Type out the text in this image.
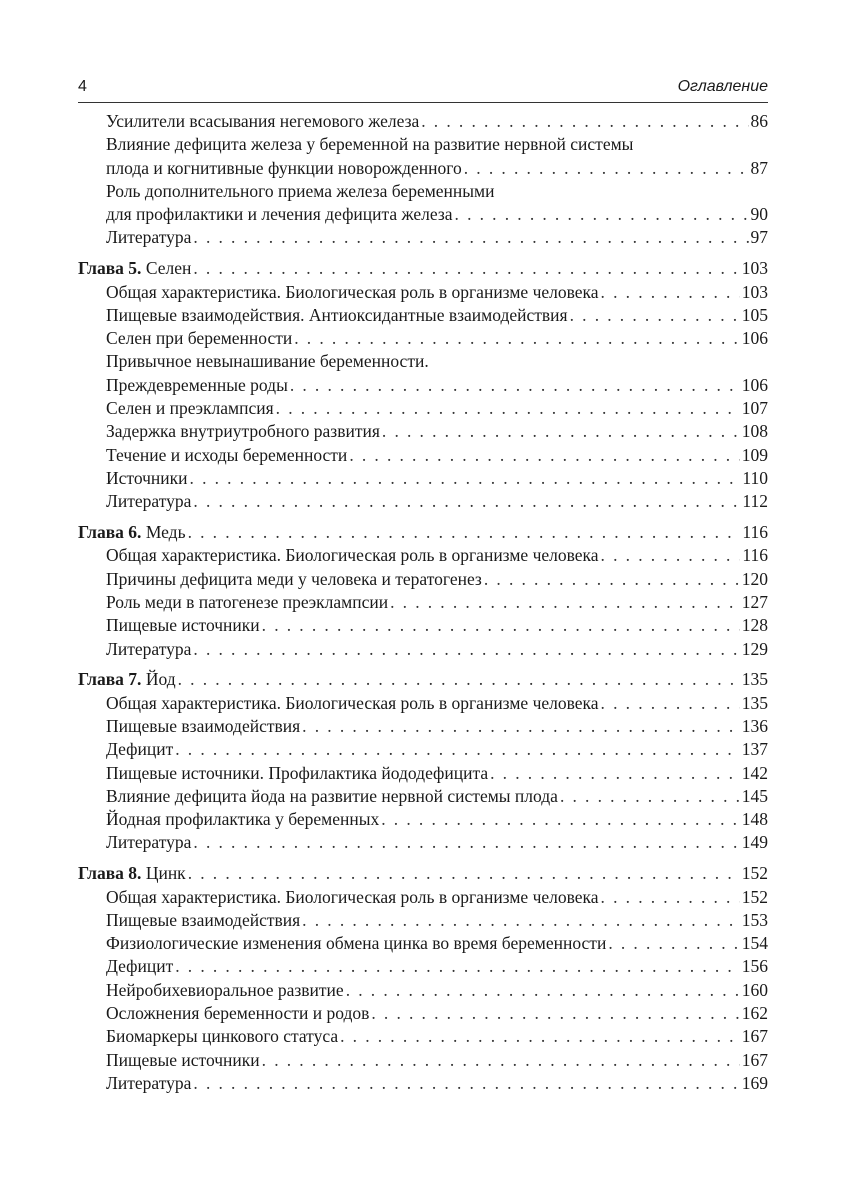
4	Оглавление
Усилители всасывания негемового железа . . .	86
Влияние дефицита железа у беременной на развитие нервной системы
плода и когнитивные функции новорожденного . . .	87
Роль дополнительного приема железа беременными
для профилактики и лечения дефицита железа . . .	90
Литература . . .	97
Глава 5. Селен . . .	103
Общая характеристика. Биологическая роль в организме человека . . .	103
Пищевые взаимодействия. Антиоксидантные взаимодействия . . .	105
Селен при беременности . . .	106
Привычное невынашивание беременности.
Преждевременные роды . . .	106
Селен и преэклампсия . . .	107
Задержка внутриутробного развития . . .	108
Течение и исходы беременности . . .	109
Источники . . .	110
Литература . . .	112
Глава 6. Медь . . .	116
Общая характеристика. Биологическая роль в организме человека . . .	116
Причины дефицита меди у человека и тератогенез . . .	120
Роль меди в патогенезе преэклампсии . . .	127
Пищевые источники . . .	128
Литература . . .	129
Глава 7. Йод . . .	135
Общая характеристика. Биологическая роль в организме человека . . .	135
Пищевые взаимодействия . . .	136
Дефицит . . .	137
Пищевые источники. Профилактика йододефицита . . .	142
Влияние дефицита йода на развитие нервной системы плода . . .	145
Йодная профилактика у беременных . . .	148
Литература . . .	149
Глава 8. Цинк . . .	152
Общая характеристика. Биологическая роль в организме человека . . .	152
Пищевые взаимодействия . . .	153
Физиологические изменения обмена цинка во время беременности . . .	154
Дефицит . . .	156
Нейробихевиоральное развитие . . .	160
Осложнения беременности и родов . . .	162
Биомаркеры цинкового статуса . . .	167
Пищевые источники . . .	167
Литература . . .	169
